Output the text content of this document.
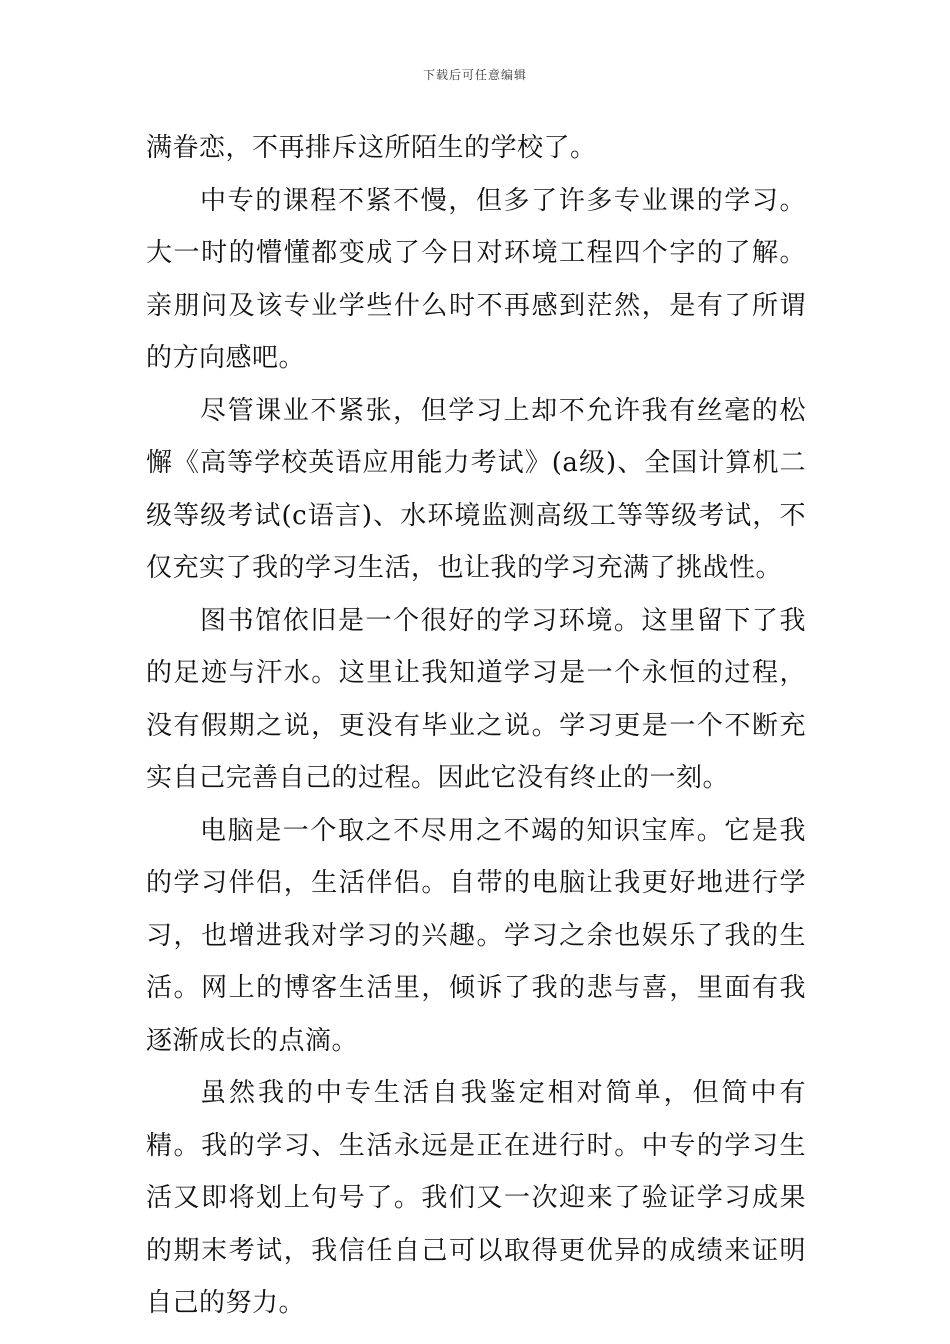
下载后可任意编辑

满眷恋，不再排斥这所陌生的学校了。

中专的课程不紧不慢，但多了许多专业课的学习。大一时的懵懂都变成了今日对环境工程四个字的了解。亲朋问及该专业学些什么时不再感到茫然，是有了所谓的方向感吧。

尽管课业不紧张，但学习上却不允许我有丝毫的松懈《高等学校英语应用能力考试》(a级)、全国计算机二级等级考试(c语言)、水环境监测高级工等等级考试，不仅充实了我的学习生活，也让我的学习充满了挑战性。

图书馆依旧是一个很好的学习环境。这里留下了我的足迹与汗水。这里让我知道学习是一个永恒的过程，没有假期之说，更没有毕业之说。学习更是一个不断充实自己完善自己的过程。因此它没有终止的一刻。

电脑是一个取之不尽用之不竭的知识宝库。它是我的学习伴侣，生活伴侣。自带的电脑让我更好地进行学习，也增进我对学习的兴趣。学习之余也娱乐了我的生活。网上的博客生活里，倾诉了我的悲与喜，里面有我逐渐成长的点滴。

虽然我的中专生活自我鉴定相对简单，但简中有精。我的学习、生活永远是正在进行时。中专的学习生活又即将划上句号了。我们又一次迎来了验证学习成果的期末考试，我信任自己可以取得更优异的成绩来证明自己的努力。
